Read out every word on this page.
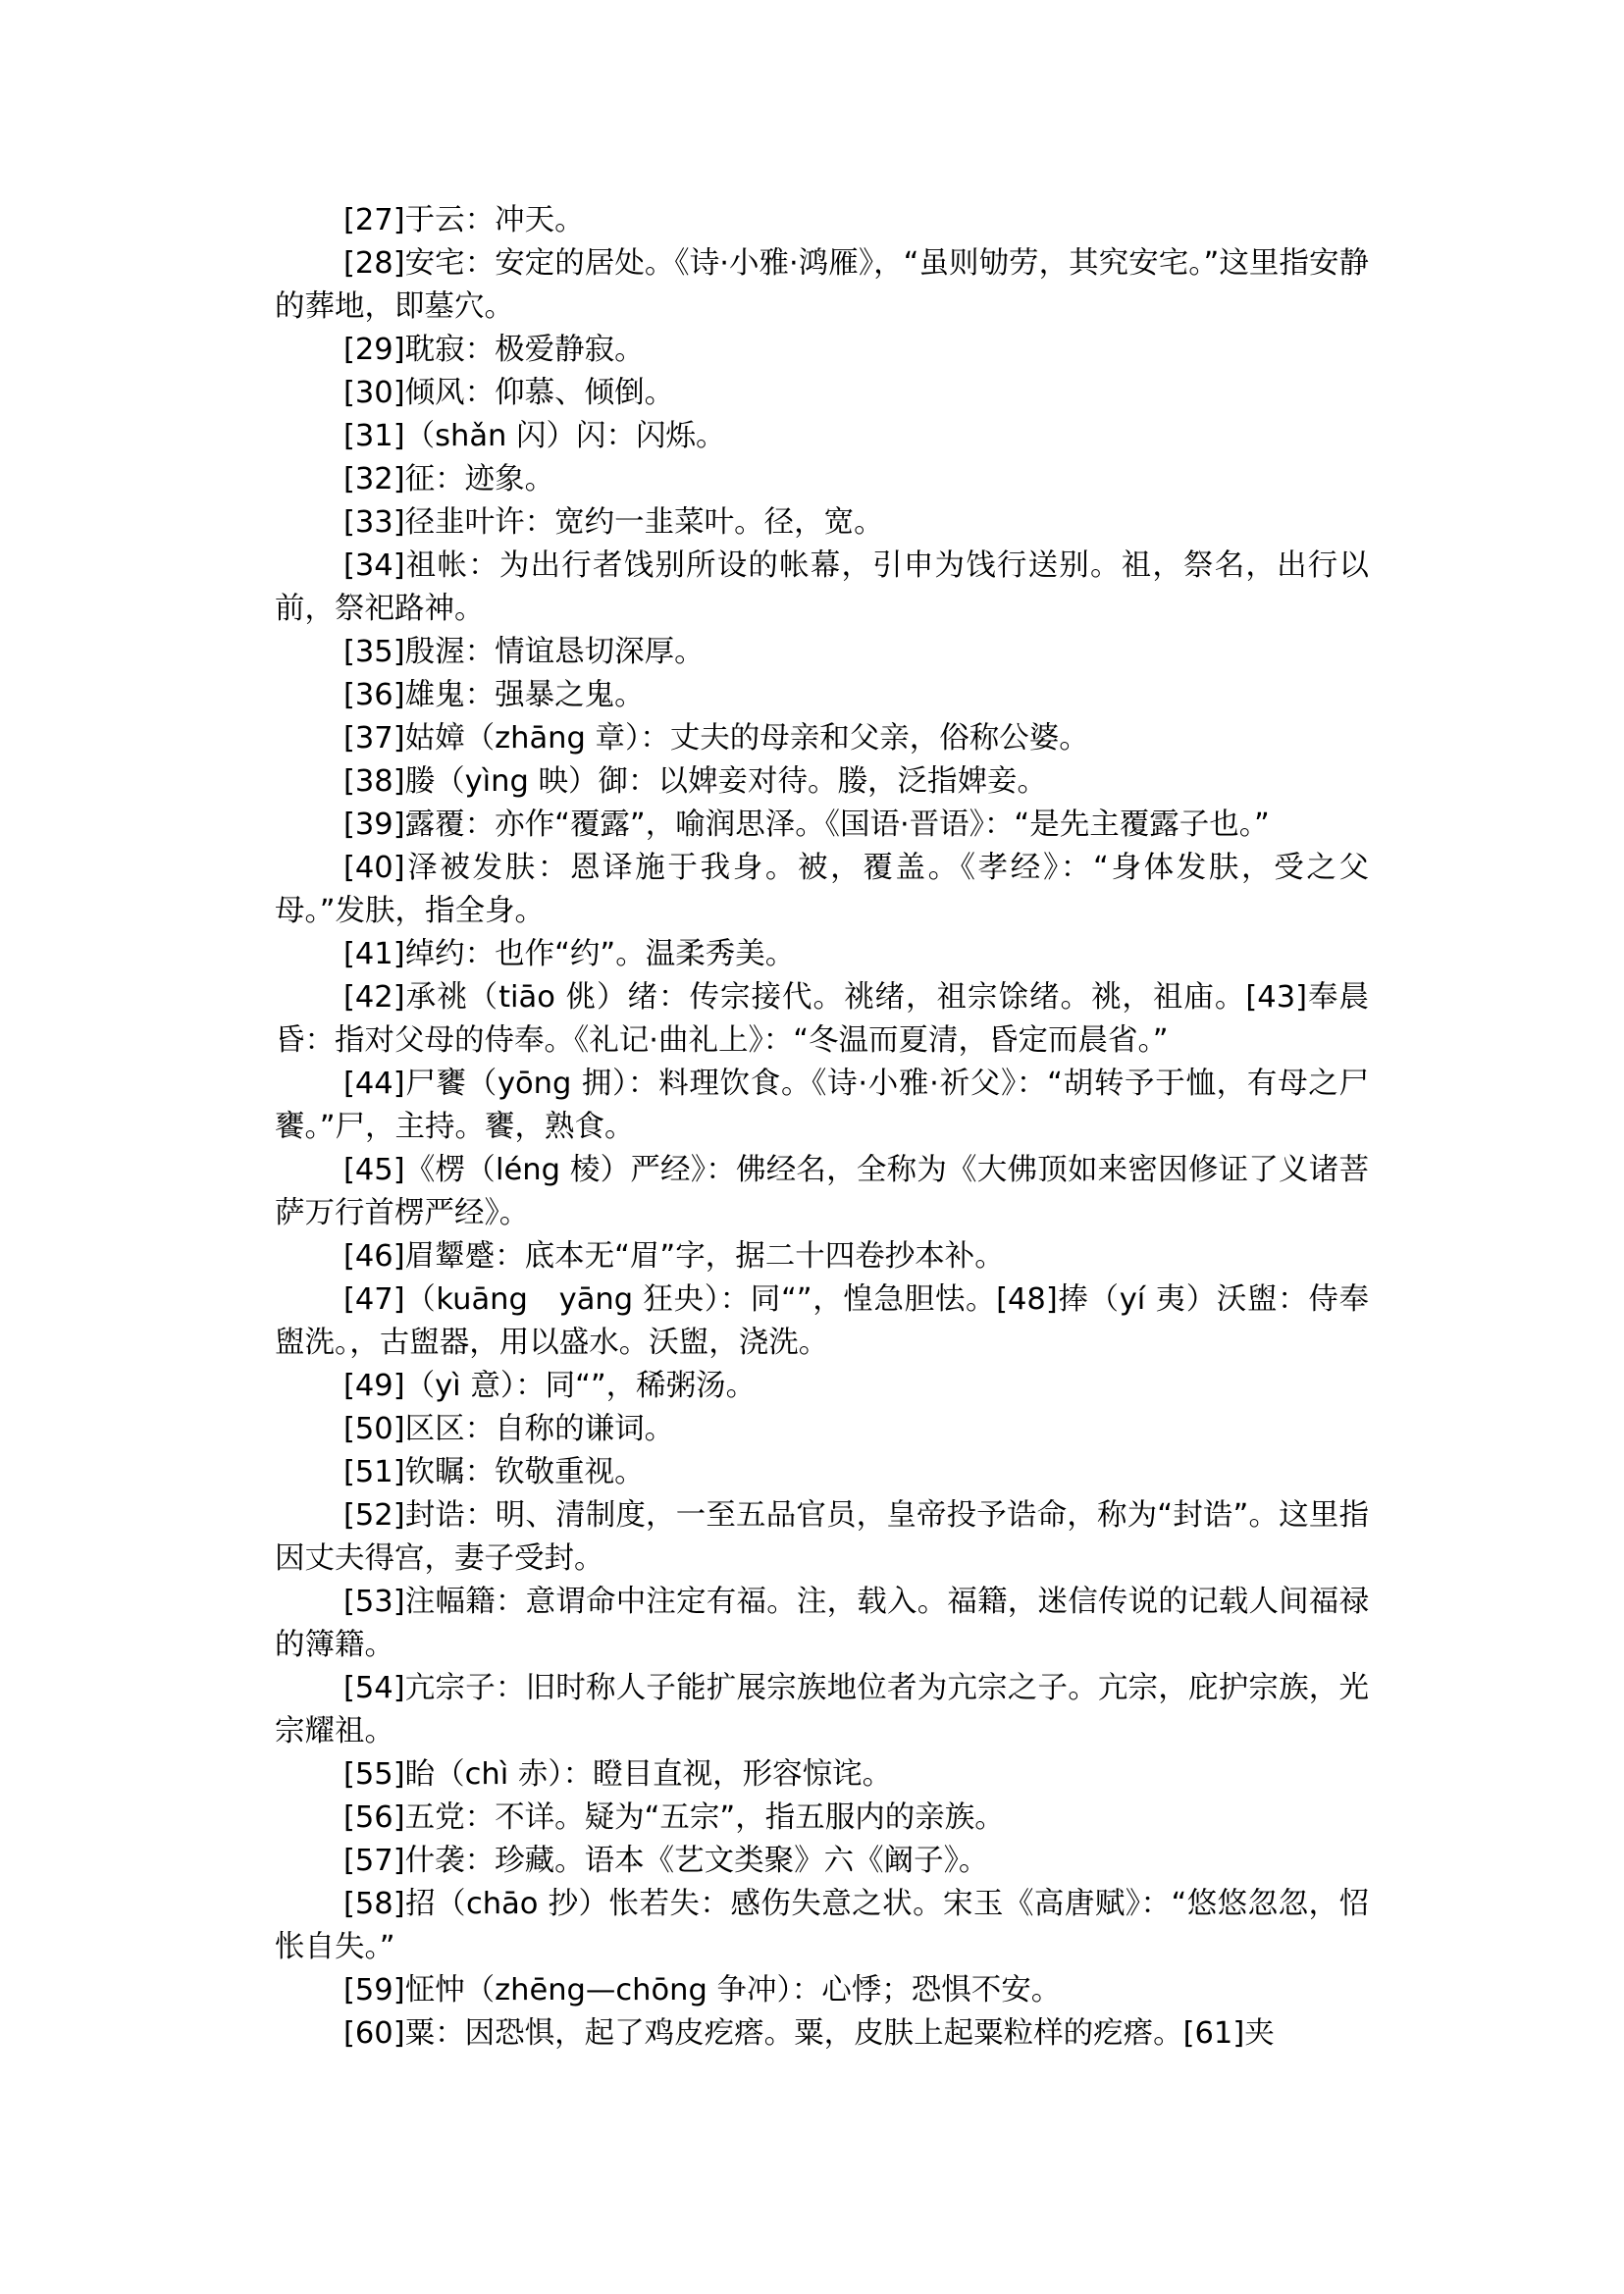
[27]于云：冲天。

[28]安宅：安定的居处。《诗·小雅·鸿雁》，“虽则劬劳，其究安宅。”这里指安静的葬地，即墓穴。

[29]耽寂：极爱静寂。

[30]倾风：仰慕、倾倒。

[31]（shǎn 闪）闪：闪烁。

[32]征：迹象。

[33]径韭叶许：宽约一韭菜叶。径，宽。

[34]祖帐：为出行者饯别所设的帐幕，引申为饯行送别。祖，祭名，出行以前，祭祀路神。

[35]殷渥：情谊恳切深厚。

[36]雄鬼：强暴之鬼。

[37]姑嫜（zhāng 章）：丈夫的母亲和父亲，俗称公婆。

[38]媵（yìng 映）御：以婢妾对待。媵，泛指婢妾。

[39]露覆：亦作“覆露”，喻润思泽。《国语·晋语》：“是先主覆露子也。”

[40]泽被发肤：恩译施于我身。被，覆盖。《孝经》：“身体发肤，受之父母。”发肤，指全身。

[41]绰约：也作“约”。温柔秀美。

[42]承祧（tiāo 佻）绪：传宗接代。祧绪，祖宗馀绪。祧，祖庙。[43]奉晨昏：指对父母的侍奉。《礼记·曲礼上》：“冬温而夏清，昏定而晨省。”

[44]尸饔（yōng 拥）：料理饮食。《诗·小雅·祈父》：“胡转予于恤，有母之尸饔。”尸，主持。饔，熟食。

[45]《楞（léng 棱）严经》：佛经名，全称为《大佛顶如来密因修证了义诸菩萨万行首楞严经》。

[46]眉颦蹙：底本无“眉”字，据二十四卷抄本补。

[47]（kuāng　yāng 狂央）：同“”，惶急胆怯。[48]捧（yí 夷）沃盥：侍奉盥洗。，古盥器，用以盛水。沃盥，浇洗。

[49]（yì 意）：同“”，稀粥汤。

[50]区区：自称的谦词。

[51]钦瞩：钦敬重视。

[52]封诰：明、清制度，一至五品官员，皇帝投予诰命，称为“封诰”。这里指因丈夫得宫，妻子受封。

[53]注幅籍：意谓命中注定有福。注，载入。福籍，迷信传说的记载人间福禄的簿籍。

[54]亢宗子：旧时称人子能扩展宗族地位者为亢宗之子。亢宗，庇护宗族，光宗耀祖。

[55]眙（chì 赤）：瞪目直视，形容惊诧。

[56]五党：不详。疑为“五宗”，指五服内的亲族。

[57]什袭：珍藏。语本《艺文类聚》六《阚子》。

[58]招（chāo 抄）怅若失：感伤失意之状。宋玉《高唐赋》：“悠悠忽忽，怊怅自失。”

[59]怔忡（zhēng—chōng 争冲）：心悸；恐惧不安。

[60]粟：因恐惧，起了鸡皮疙瘩。粟，皮肤上起粟粒样的疙瘩。[61]夹
